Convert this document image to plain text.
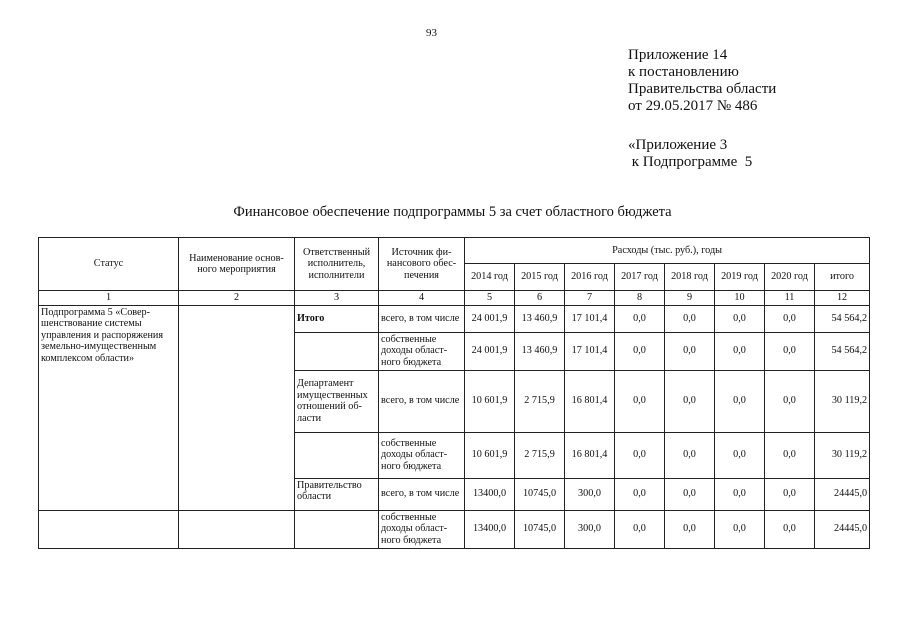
93
Приложение 14
к постановлению
Правительства области
от 29.05.2017 № 486
«Приложение 3
к Подпрограмме  5
Финансовое обеспечение подпрограммы 5 за счет областного бюджета
Статус	Наименование основ-ного мероприятия	Ответственный исполнитель, исполнители	Источник фи-нансового обес-печения	Расходы (тыс. руб.), годы							
				2014 год	2015 год	2016 год	2017 год	2018 год	2019 год	2020 год	итого
1	2	3	4	5	6	7	8	9	10	11	12
Подпрограмма 5 «Совер-шенствование системы управления и распоряжения земельно-имущественным комплексом области»		Итого	всего, в том числе	24 001,9	13 460,9	17 101,4	0,0	0,0	0,0	0,0	54 564,2
			собственные доходы област-ного бюджета	24 001,9	13 460,9	17 101,4	0,0	0,0	0,0	0,0	54 564,2
		Департамент имущественных отношений об-ласти	всего, в том числе	10 601,9	2 715,9	16 801,4	0,0	0,0	0,0	0,0	30 119,2
			собственные доходы област-ного бюджета	10 601,9	2 715,9	16 801,4	0,0	0,0	0,0	0,0	30 119,2
		Правительство области	всего, в том числе	13400,0	10745,0	300,0	0,0	0,0	0,0	0,0	24445,0
			собственные доходы област-ного бюджета	13400,0	10745,0	300,0	0,0	0,0	0,0	0,0	24445,0
